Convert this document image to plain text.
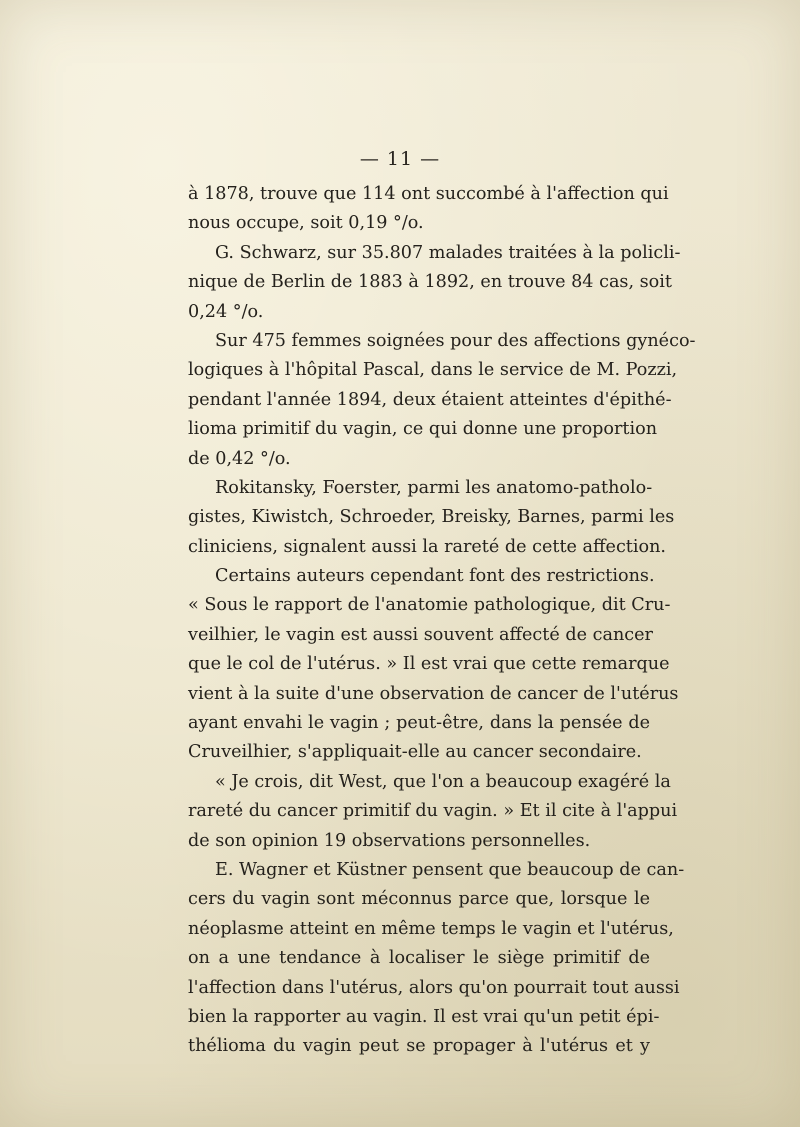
— 11 —
à 1878, trouve que 114 ont succombé à l'affection qui
nous occupe, soit 0,19 °/o.
G. Schwarz, sur 35.807 malades traitées à la policli-
nique de Berlin de 1883 à 1892, en trouve 84 cas, soit
0,24 °/o.
Sur 475 femmes soignées pour des affections gynéco-
logiques à l'hôpital Pascal, dans le service de M. Pozzi,
pendant l'année 1894, deux étaient atteintes d'épithé-
lioma primitif du vagin, ce qui donne une proportion
de 0,42 °/o.
Rokitansky, Foerster, parmi les anatomo-patholo-
gistes, Kiwistch, Schroeder, Breisky, Barnes, parmi les
cliniciens, signalent aussi la rareté de cette affection.
Certains auteurs cependant font des restrictions.
« Sous le rapport de l'anatomie pathologique, dit Cru-
veilhier, le vagin est aussi souvent affecté de cancer
que le col de l'utérus. » Il est vrai que cette remarque
vient à la suite d'une observation de cancer de l'utérus
ayant envahi le vagin ; peut-être, dans la pensée de
Cruveilhier, s'appliquait-elle au cancer secondaire.
« Je crois, dit West, que l'on a beaucoup exagéré la
rareté du cancer primitif du vagin. » Et il cite à l'appui
de son opinion 19 observations personnelles.
E. Wagner et Küstner pensent que beaucoup de can-
cers du vagin sont méconnus parce que, lorsque le
néoplasme atteint en même temps le vagin et l'utérus,
on a une tendance à localiser le siège primitif de
l'affection dans l'utérus, alors qu'on pourrait tout aussi
bien la rapporter au vagin. Il est vrai qu'un petit épi-
thélioma du vagin peut se propager à l'utérus et y
